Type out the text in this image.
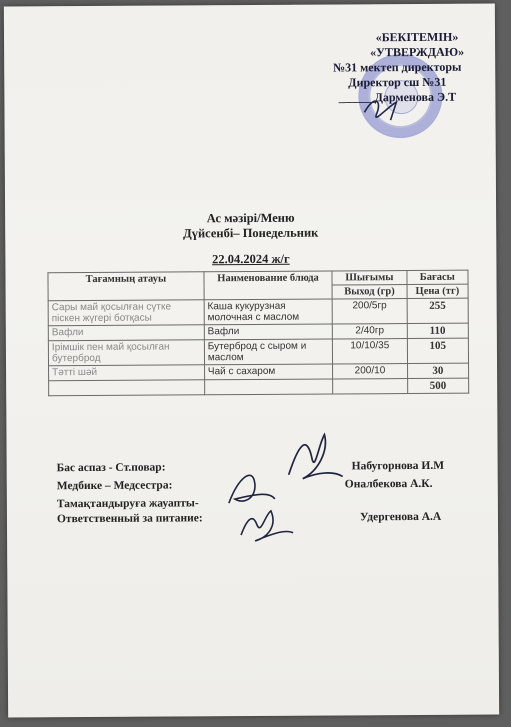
«БЕКІТЕМІН»
«УТВЕРЖДАЮ»
№31 мектеп директоры
Директор сш №31
______Дарменова Э.Т
Ас мәзірі/Меню
Дүйсенбі– Понедельник
22.04.2024 ж/г
Тағамның атауы	Наименование блюда	Шығымы	Бағасы
		Выход (гр)	Цена (тг)
Сары май қосылған сүтке піскен жүгері ботқасы	Каша кукурузная молочная с маслом	200/5гр	255
Вафли	Вафли	2/40гр	110
Ірімшік пен май қосылған бутерброд	Бутерброд с сыром и маслом	10/10/35	105
Тәтті шәй	Чай с сахаром	200/10	30
			500
Бас аспаз - Ст.повар:	Набугорнова И.М
Медбике – Медсестра:	Оналбекова А.К.
Тамақтандыруға жауапты-
Ответственный за питание:	Удергенова А.А
